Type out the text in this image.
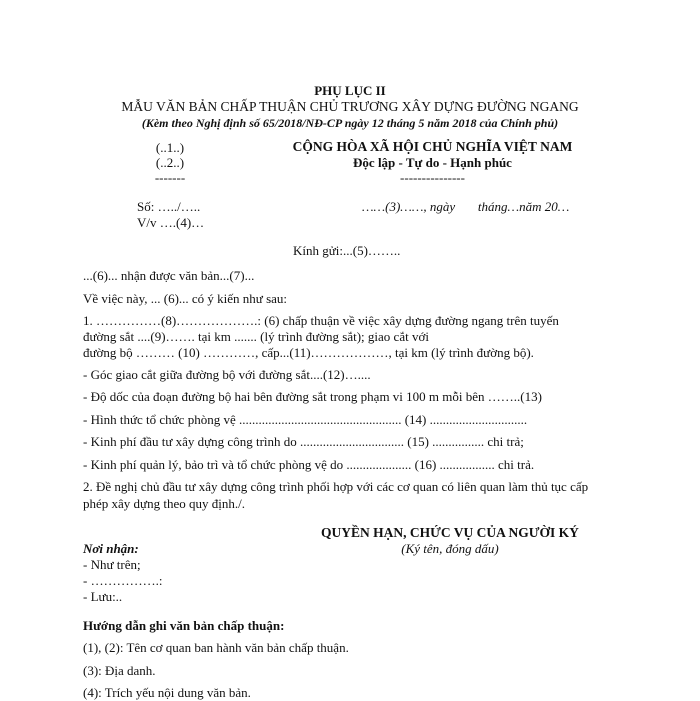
PHỤ LỤC II
MẪU VĂN BẢN CHẤP THUẬN CHỦ TRƯƠNG XÂY DỰNG ĐƯỜNG NGANG
(Kèm theo Nghị định số 65/2018/NĐ-CP ngày 12 tháng 5 năm 2018 của Chính phủ)
(..1..)
(..2..)
-------
CỘNG HÒA XÃ HỘI CHỦ NGHĨA VIỆT NAM
Độc lập - Tự do - Hạnh phúc
---------------
Số: …../…..
V/v ….(4)…
……(3)……, ngày       tháng…năm 20…
Kính gửi:...(5)……..
...(6)... nhận được văn bản...(7)...
Về việc này, ... (6)... có ý kiến như sau:
1. ……………(8)……………….: (6) chấp thuận về việc xây dựng đường ngang trên tuyến
đường sắt ....(9)……. tại km ....... (lý trình đường sắt); giao cắt với
đường bộ ……… (10) …………, cấp...(11)………………, tại km (lý trình đường bộ).
- Góc giao cắt giữa đường bộ với đường sắt....(12)…....
- Độ dốc của đoạn đường bộ hai bên đường sắt trong phạm vi 100 m mỗi bên ……..(13)
- Hình thức tổ chức phòng vệ .................................................. (14) ..............................
- Kinh phí đầu tư xây dựng công trình do ................................ (15) ................ chi trả;
- Kinh phí quản lý, bảo trì và tổ chức phòng vệ do .................... (16) ................. chi trả.
2. Đề nghị chủ đầu tư xây dựng công trình phối hợp với các cơ quan có liên quan làm thủ tục cấp
phép xây dựng theo quy định./.
QUYỀN HẠN, CHỨC VỤ CỦA NGƯỜI KÝ
(Ký tên, đóng dấu)
Nơi nhận:
- Như trên;
- …………….:
- Lưu:..
Hướng dẫn ghi văn bản chấp thuận:
(1), (2): Tên cơ quan ban hành văn bản chấp thuận.
(3): Địa danh.
(4): Trích yếu nội dung văn bản.
